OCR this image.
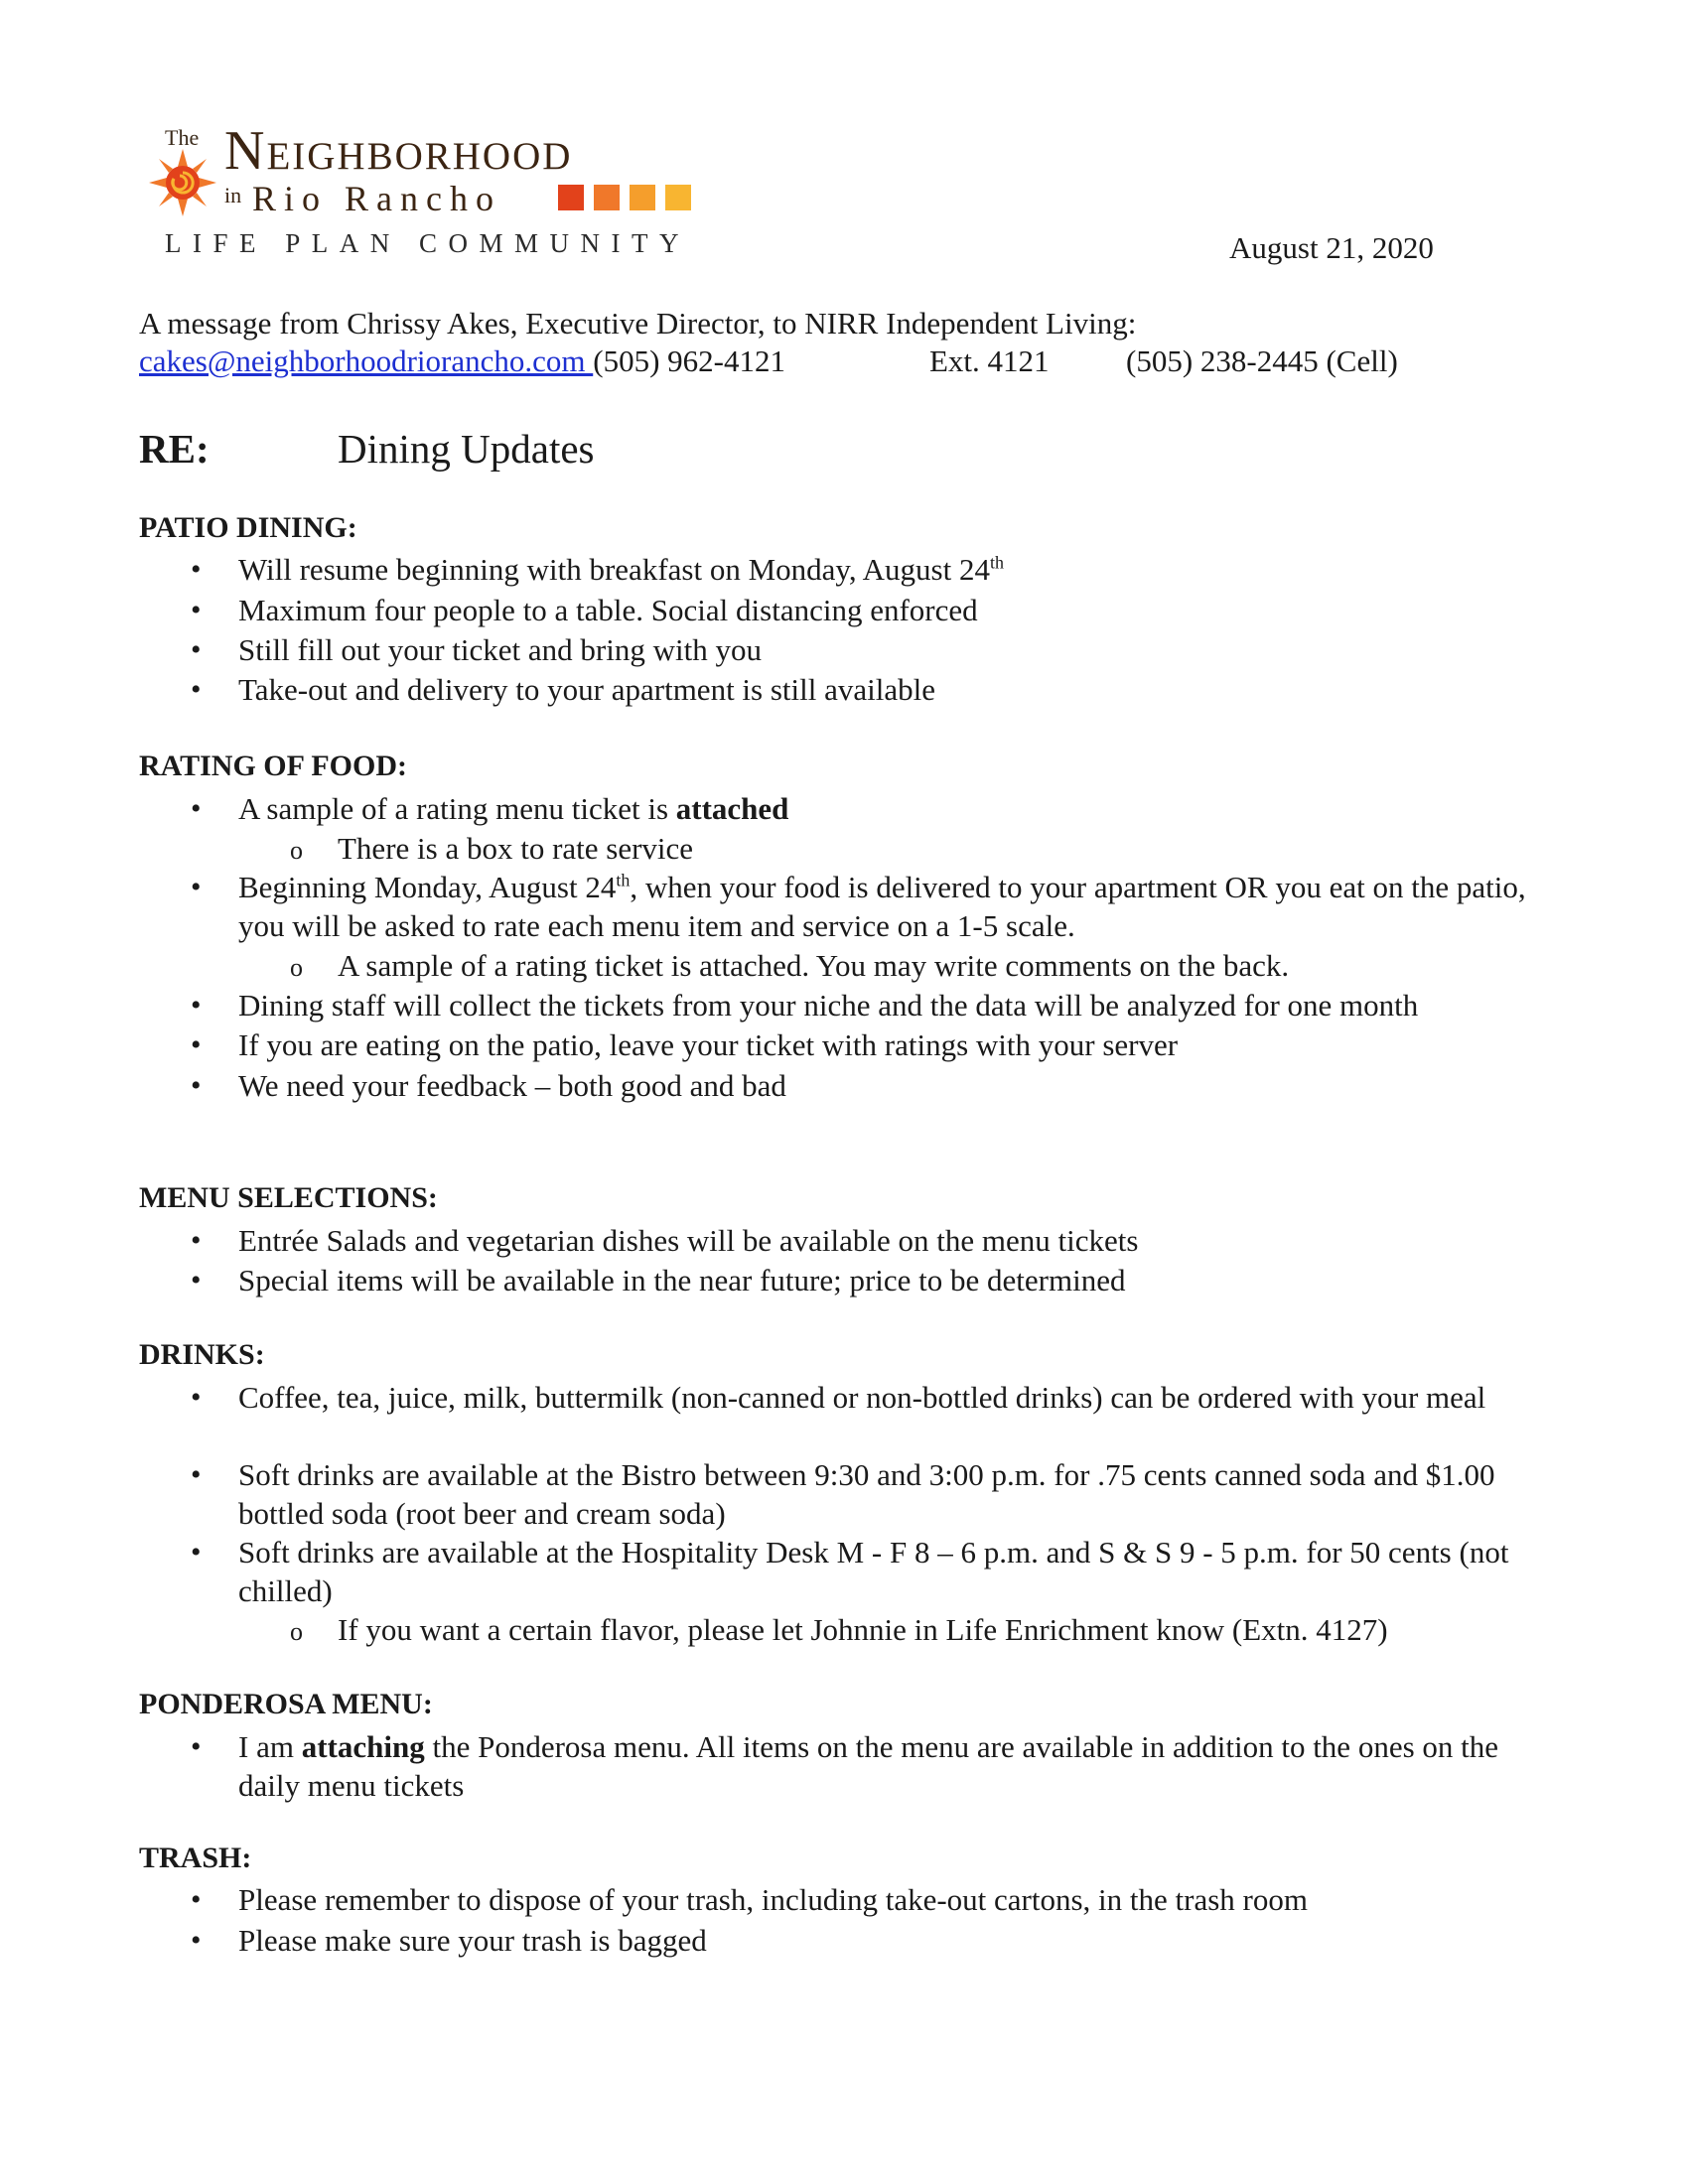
The Neighborhood
in Rio Rancho
LIFE PLAN COMMUNITY	August 21, 2020
A message from Chrissy Akes, Executive Director, to NIRR Independent Living:
cakes@neighborhoodriorancho.com (505) 962-4121	Ext. 4121 (505) 238-2445 (Cell)
RE:	Dining Updates
PATIO DINING:
• Will resume beginning with breakfast on Monday, August 24th
• Maximum four people to a table. Social distancing enforced
• Still fill out your ticket and bring with you
• Take-out and delivery to your apartment is still available
RATING OF FOOD:
• A sample of a rating menu ticket is attached
o There is a box to rate service
• Beginning Monday, August 24th, when your food is delivered to your apartment OR you eat on the patio, you will be asked to rate each menu item and service on a 1-5 scale.
o A sample of a rating ticket is attached. You may write comments on the back.
• Dining staff will collect the tickets from your niche and the data will be analyzed for one month
• If you are eating on the patio, leave your ticket with ratings with your server
• We need your feedback – both good and bad
MENU SELECTIONS:
• Entrée Salads and vegetarian dishes will be available on the menu tickets
• Special items will be available in the near future; price to be determined
DRINKS:
• Coffee, tea, juice, milk, buttermilk (non-canned or non-bottled drinks) can be ordered with your meal
• Soft drinks are available at the Bistro between 9:30 and 3:00 p.m. for .75 cents canned soda and $1.00 bottled soda (root beer and cream soda)
• Soft drinks are available at the Hospitality Desk M - F 8 – 6 p.m. and S & S 9 - 5 p.m. for 50 cents (not chilled)
o If you want a certain flavor, please let Johnnie in Life Enrichment know (Extn. 4127)
PONDEROSA MENU:
• I am attaching the Ponderosa menu. All items on the menu are available in addition to the ones on the daily menu tickets
TRASH:
• Please remember to dispose of your trash, including take-out cartons, in the trash room
• Please make sure your trash is bagged
